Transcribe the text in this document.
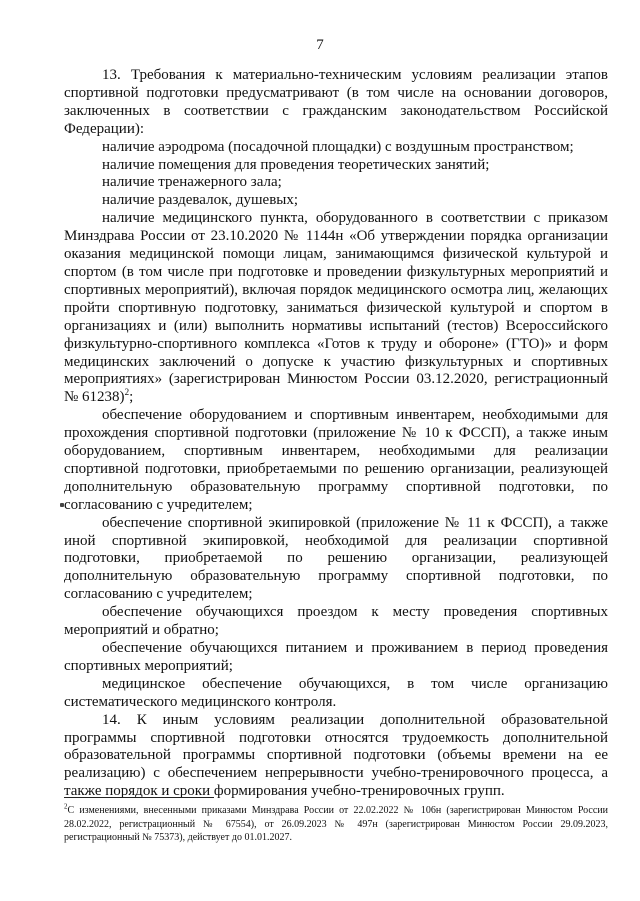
7

13. Требования к материально-техническим условиям реализации этапов спортивной подготовки предусматривают (в том числе на основании договоров, заключенных в соответствии с гражданским законодательством Российской Федерации):

наличие аэродрома (посадочной площадки) с воздушным пространством;

наличие помещения для проведения теоретических занятий;

наличие тренажерного зала;

наличие раздевалок, душевых;

наличие медицинского пункта, оборудованного в соответствии с приказом Минздрава России от 23.10.2020 № 1144н «Об утверждении порядка организации оказания медицинской помощи лицам, занимающимся физической культурой и спортом (в том числе при подготовке и проведении физкультурных мероприятий и спортивных мероприятий), включая порядок медицинского осмотра лиц, желающих пройти спортивную подготовку, заниматься физической культурой и спортом в организациях и (или) выполнить нормативы испытаний (тестов) Всероссийского физкультурно-спортивного комплекса «Готов к труду и обороне» (ГТО)» и форм медицинских заключений о допуске к участию физкультурных и спортивных мероприятиях» (зарегистрирован Минюстом России 03.12.2020, регистрационный № 61238)$^2$;

обеспечение оборудованием и спортивным инвентарем, необходимыми для прохождения спортивной подготовки (приложение № 10 к ФССП), а также иным оборудованием, спортивным инвентарем, необходимыми для реализации спортивной подготовки, приобретаемыми по решению организации, реализующей дополнительную образовательную программу спортивной подготовки, по согласованию с учредителем;

обеспечение спортивной экипировкой (приложение № 11 к ФССП), а также иной спортивной экипировкой, необходимой для реализации спортивной подготовки, приобретаемой по решению организации, реализующей дополнительную образовательную программу спортивной подготовки, по согласованию с учредителем;

обеспечение обучающихся проездом к месту проведения спортивных мероприятий и обратно;

обеспечение обучающихся питанием и проживанием в период проведения спортивных мероприятий;

медицинское обеспечение обучающихся, в том числе организацию систематического медицинского контроля.

14. К иным условиям реализации дополнительной образовательной программы спортивной подготовки относятся трудоемкость дополнительной образовательной программы спортивной подготовки (объемы времени на ее реализацию) с обеспечением непрерывности учебно-тренировочного процесса, а также порядок и сроки формирования учебно-тренировочных групп.

$^2$С изменениями, внесенными приказами Минздрава России от 22.02.2022 № 106н (зарегистрирован Минюстом России 28.02.2022, регистрационный № 67554), от 26.09.2023 № 497н (зарегистрирован Минюстом России 29.09.2023, регистрационный № 75373), действует до 01.01.2027.
